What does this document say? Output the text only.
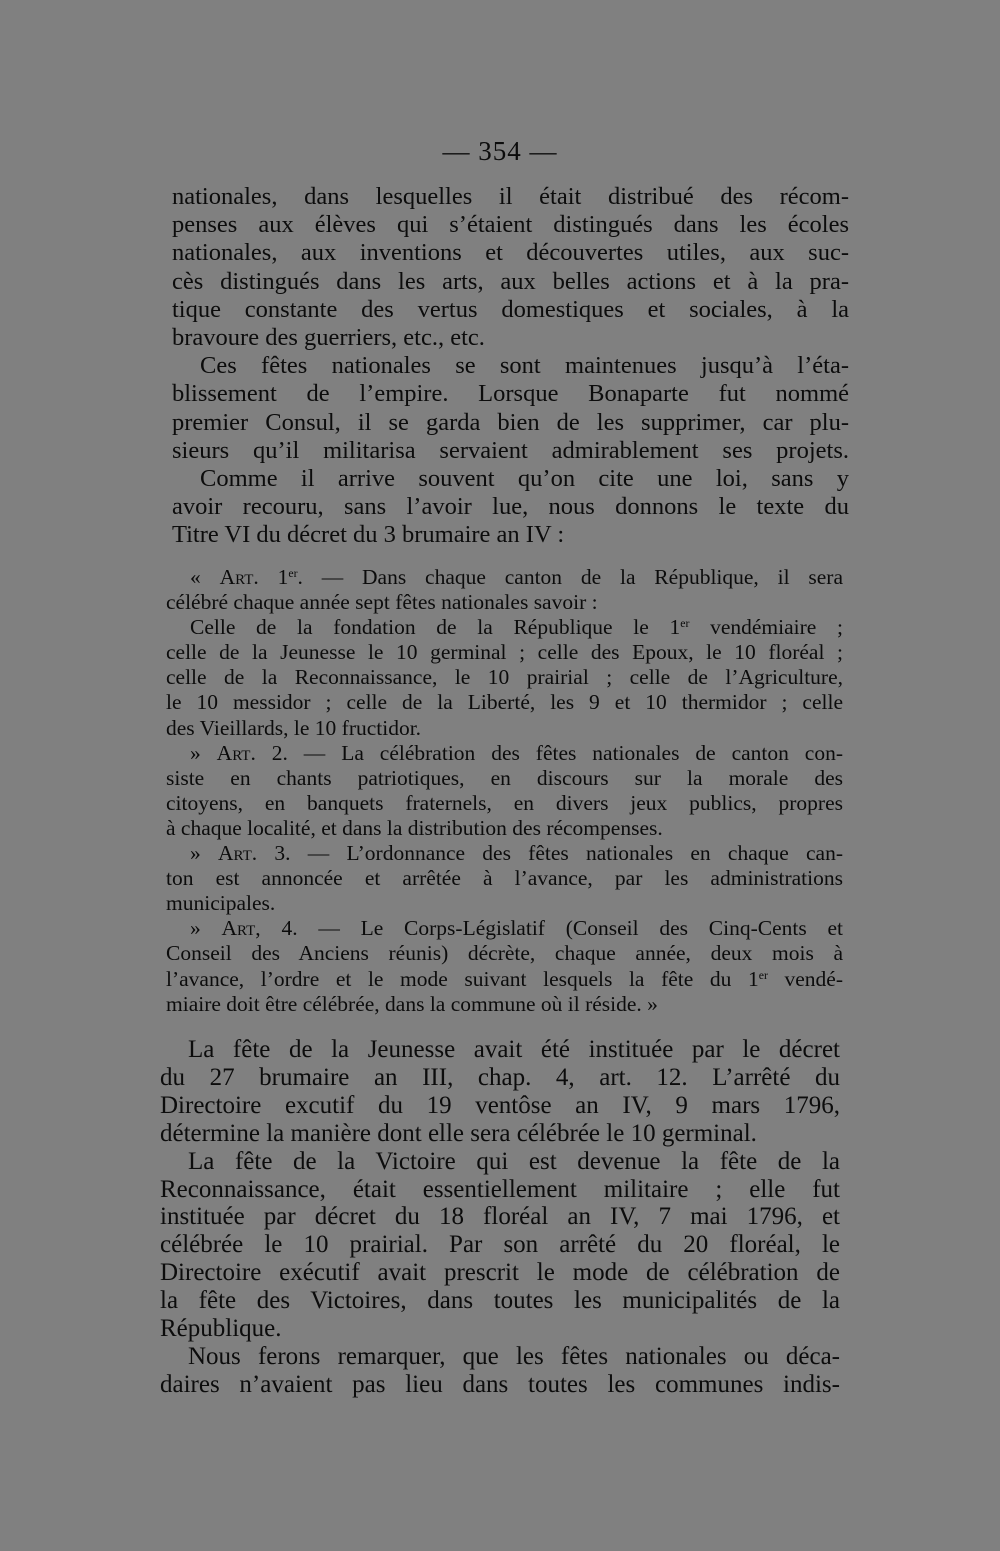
— 354 —
nationales, dans lesquelles il était distribué des récom-
penses aux élèves qui s’étaient distingués dans les écoles
nationales, aux inventions et découvertes utiles, aux suc-
cès distingués dans les arts, aux belles actions et à la pra-
tique constante des vertus domestiques et sociales, à la
bravoure des guerriers, etc., etc.
Ces fêtes nationales se sont maintenues jusqu’à l’éta-
blissement de l’empire. Lorsque Bonaparte fut nommé
premier Consul, il se garda bien de les supprimer, car plu-
sieurs qu’il militarisa servaient admirablement ses projets.
Comme il arrive souvent qu’on cite une loi, sans y
avoir recouru, sans l’avoir lue, nous donnons le texte du
Titre VI du décret du 3 brumaire an IV :
« Art. 1er. — Dans chaque canton de la République, il sera
célébré chaque année sept fêtes nationales savoir :
Celle de la fondation de la République le 1er vendémiaire ;
celle de la Jeunesse le 10 germinal ; celle des Epoux, le 10 floréal ;
celle de la Reconnaissance, le 10 prairial ; celle de l’Agriculture,
le 10 messidor ; celle de la Liberté, les 9 et 10 thermidor ; celle
des Vieillards, le 10 fructidor.
» Art. 2. — La célébration des fêtes nationales de canton con-
siste en chants patriotiques, en discours sur la morale des
citoyens, en banquets fraternels, en divers jeux publics, propres
à chaque localité, et dans la distribution des récompenses.
» Art. 3. — L’ordonnance des fêtes nationales en chaque can-
ton est annoncée et arrêtée à l’avance, par les administrations
municipales.
» Art, 4. — Le Corps-Législatif (Conseil des Cinq-Cents et
Conseil des Anciens réunis) décrète, chaque année, deux mois à
l’avance, l’ordre et le mode suivant lesquels la fête du 1er vendé-
miaire doit être célébrée, dans la commune où il réside. »
La fête de la Jeunesse avait été instituée par le décret
du 27 brumaire an III, chap. 4, art. 12. L’arrêté du
Directoire excutif du 19 ventôse an IV, 9 mars 1796,
détermine la manière dont elle sera célébrée le 10 germinal.
La fête de la Victoire qui est devenue la fête de la
Reconnaissance, était essentiellement militaire ; elle fut
instituée par décret du 18 floréal an IV, 7 mai 1796, et
célébrée le 10 prairial. Par son arrêté du 20 floréal, le
Directoire exécutif avait prescrit le mode de célébration de
la fête des Victoires, dans toutes les municipalités de la
République.
Nous ferons remarquer, que les fêtes nationales ou déca-
daires n’avaient pas lieu dans toutes les communes indis-
